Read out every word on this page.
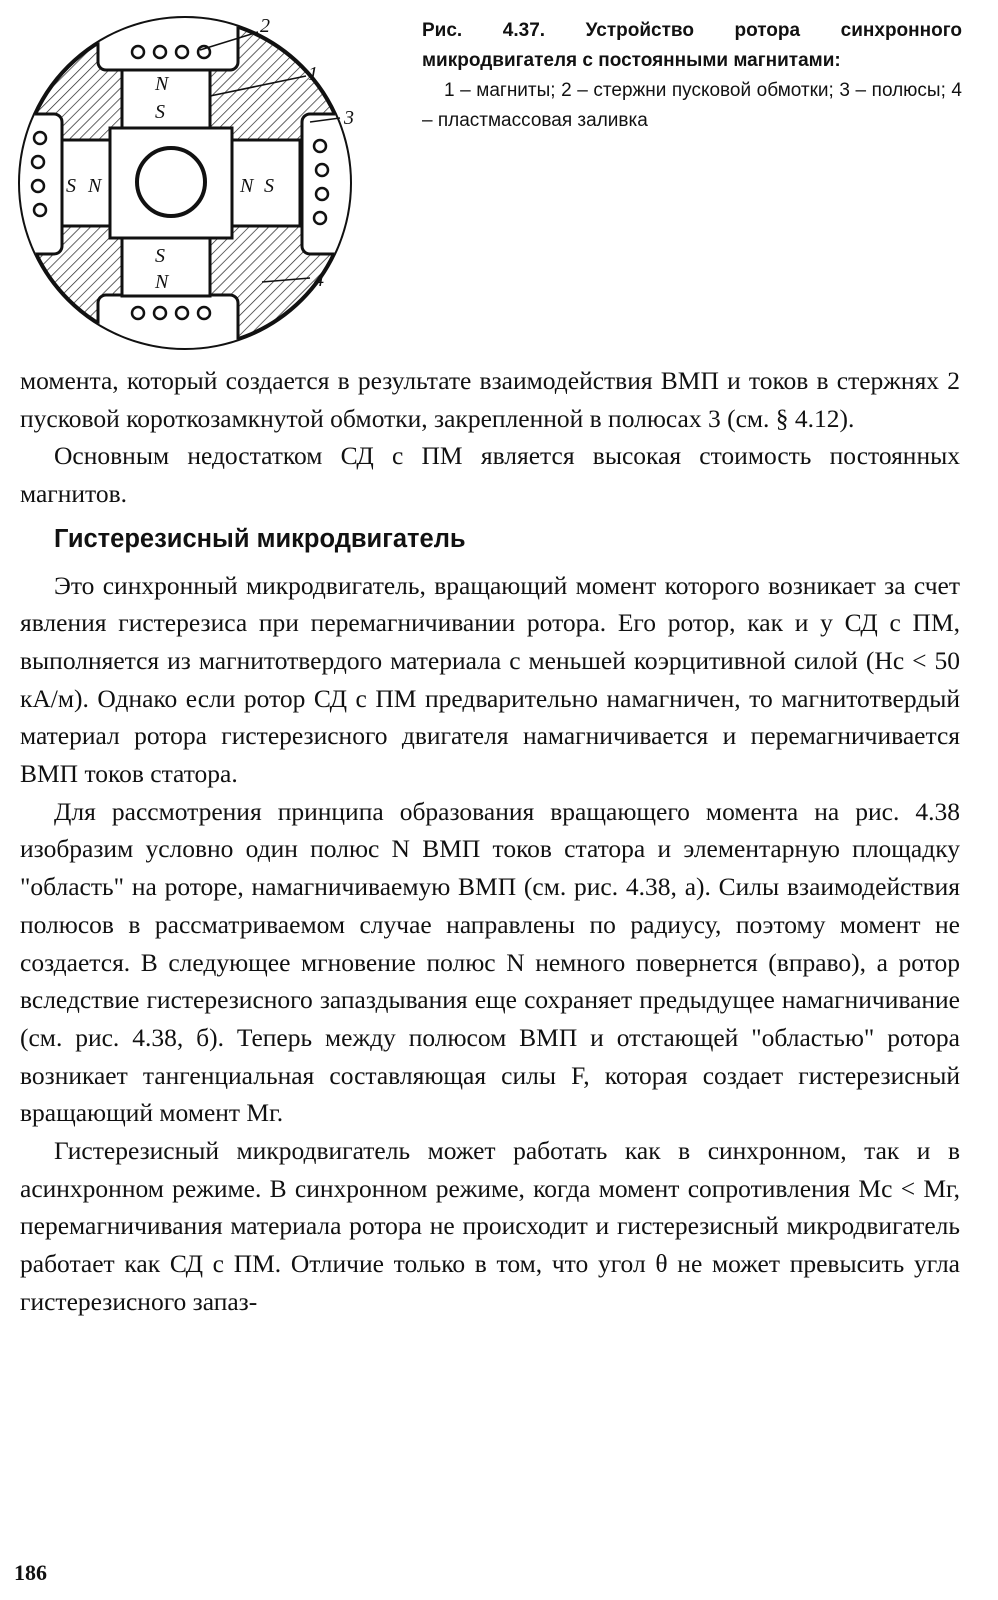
N
S
S
N
S N	N S
2
1
3
4
Рис. 4.37. Устройство ротора синхронного микродвигателя с постоянными магнитами:
1 – магниты; 2 – стержни пусковой обмотки; 3 – полюсы; 4 – пластмассовая заливка

момента, который создается в результате взаимодействия ВМП и токов в стержнях 2 пусковой короткозамкнутой обмотки, закрепленной в полюсах 3 (см. § 4.12).

Основным недостатком СД с ПМ является высокая стоимость постоянных магнитов.

Гистерезисный микродвигатель

Это синхронный микродвигатель, вращающий момент которого возникает за счет явления гистерезиса при перемагничивании ротора. Его ротор, как и у СД с ПМ, выполняется из магнитотвердого материала с меньшей коэрцитивной силой (Hc < 50 кА/м). Однако если ротор СД с ПМ предварительно намагничен, то магнитотвердый материал ротора гистерезисного двигателя намагничивается и перемагничивается ВМП токов статора.

Для рассмотрения принципа образования вращающего момента на рис. 4.38 изобразим условно один полюс N ВМП токов статора и элементарную площадку "область" на роторе, намагничиваемую ВМП (см. рис. 4.38, а). Силы взаимодействия полюсов в рассматриваемом случае направлены по радиусу, поэтому момент не создается. В следующее мгновение полюс N немного повернется (вправо), а ротор вследствие гистерезисного запаздывания еще сохраняет предыдущее намагничивание (см. рис. 4.38, б). Теперь между полюсом ВМП и отстающей "областью" ротора возникает тангенциальная составляющая силы F, которая создает гистерезисный вращающий момент Mг.

Гистерезисный микродвигатель может работать как в синхронном, так и в асинхронном режиме. В синхронном режиме, когда момент сопротивления Mc < Mг, перемагничивания материала ротора не происходит и гистерезисный микродвигатель работает как СД с ПМ. Отличие только в том, что угол θ не может превысить угла гистерезисного запаз-

186
